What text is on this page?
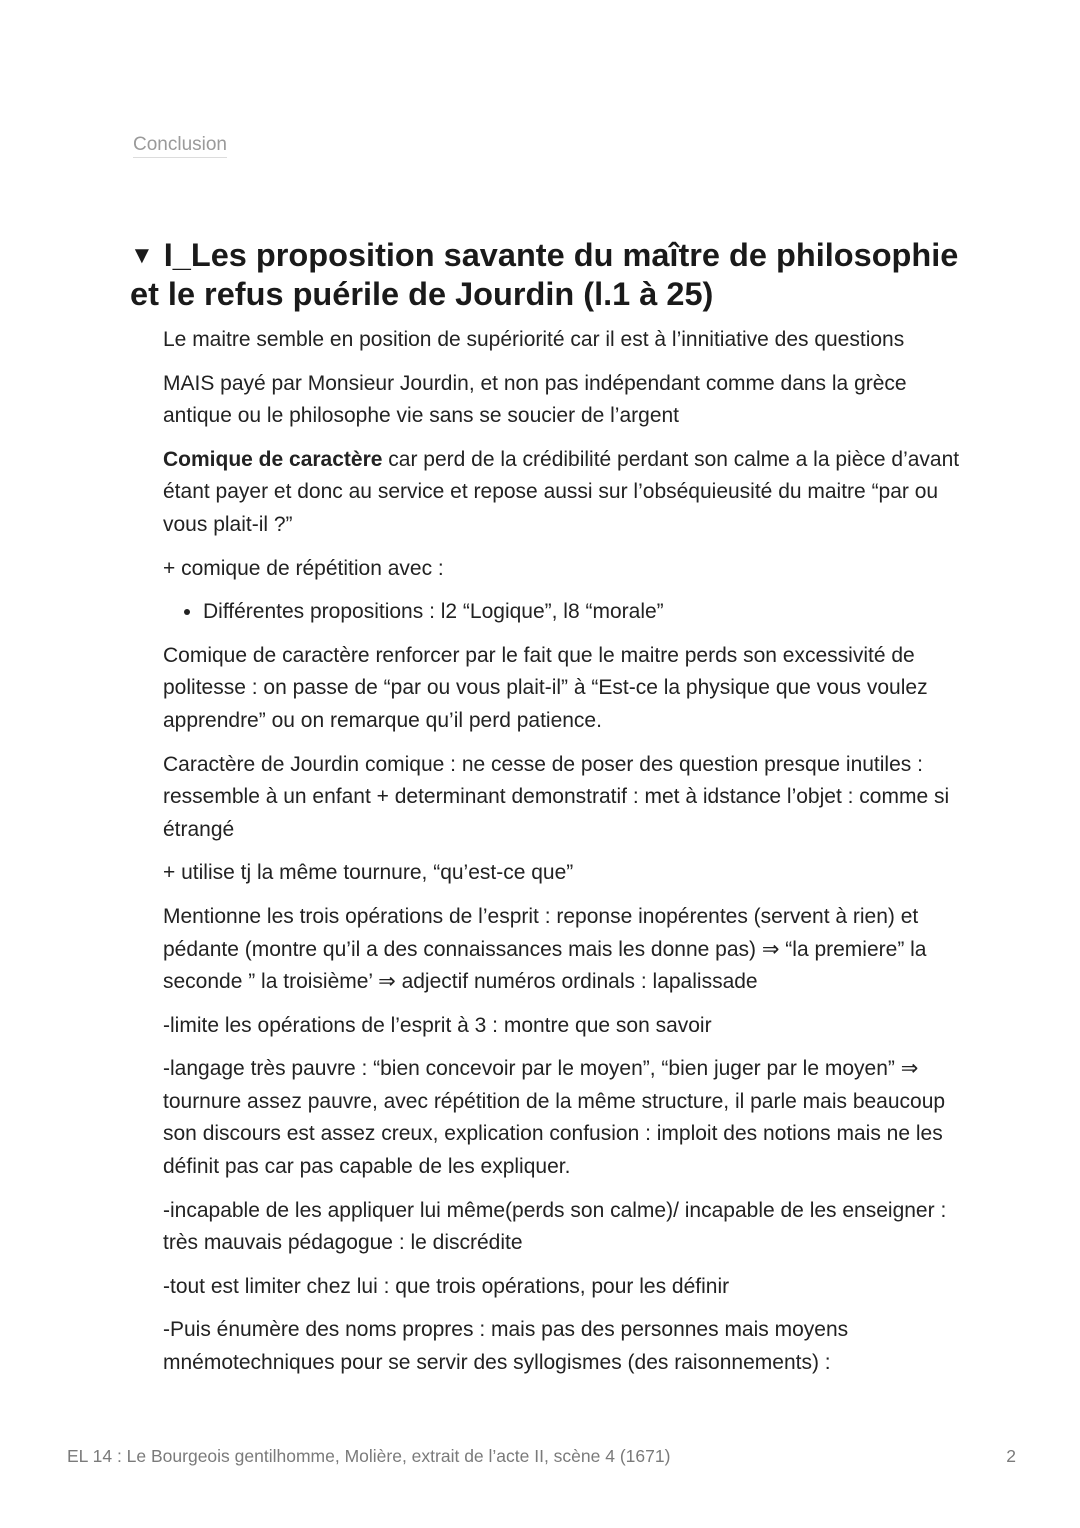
Conclusion
▼ I_Les proposition savante du maître de philosophie et le refus puérile de Jourdin (l.1 à 25)

Le maitre semble en position de supériorité car il est à l’innitiative des questions

MAIS payé par Monsieur Jourdin, et non pas indépendant comme dans la grèce antique ou le philosophe vie sans se soucier de l’argent

Comique de caractère car perd de la crédibilité perdant son calme a la pièce d’avant étant payer et donc au service et repose aussi sur l’obséquieusité du maitre “par ou vous plait-il ?”

+ comique de répétition avec :

• Différentes propositions : l2 “Logique”, l8 “morale”

Comique de caractère renforcer par le fait que le maitre perds son excessivité de politesse : on passe de “par ou vous plait-il” à “Est-ce la physique que vous voulez apprendre” ou on remarque qu’il perd patience.

Caractère de Jourdin comique : ne cesse de poser des question presque inutiles : ressemble à un enfant + determinant demonstratif : met à idstance l’objet : comme si étrangé

+ utilise tj la même tournure, “qu’est-ce que”

Mentionne les trois opérations de l’esprit : reponse inopérentes (servent à rien) et pédante (montre qu’il a des connaissances mais les donne pas) ⇒ “la premiere” la seconde ” la troisième’ ⇒ adjectif numéros ordinals : lapalissade

-limite les opérations de l’esprit à 3 : montre que son savoir

-langage très pauvre : “bien concevoir par le moyen”, “bien juger par le moyen” ⇒ tournure assez pauvre, avec répétition de la même structure, il parle mais beaucoup son discours est assez creux, explication confusion : imploit des notions mais ne les définit pas car pas capable de les expliquer.

-incapable de les appliquer lui même(perds son calme)/ incapable de les enseigner : très mauvais pédagogue : le discrédite

-tout est limiter chez lui : que trois opérations, pour les définir

-Puis énumère des noms propres : mais pas des personnes mais moyens mnémotechniques pour se servir des syllogismes (des raisonnements) :

EL 14 : Le Bourgeois gentilhomme, Molière, extrait de l’acte II, scène 4 (1671)	2
